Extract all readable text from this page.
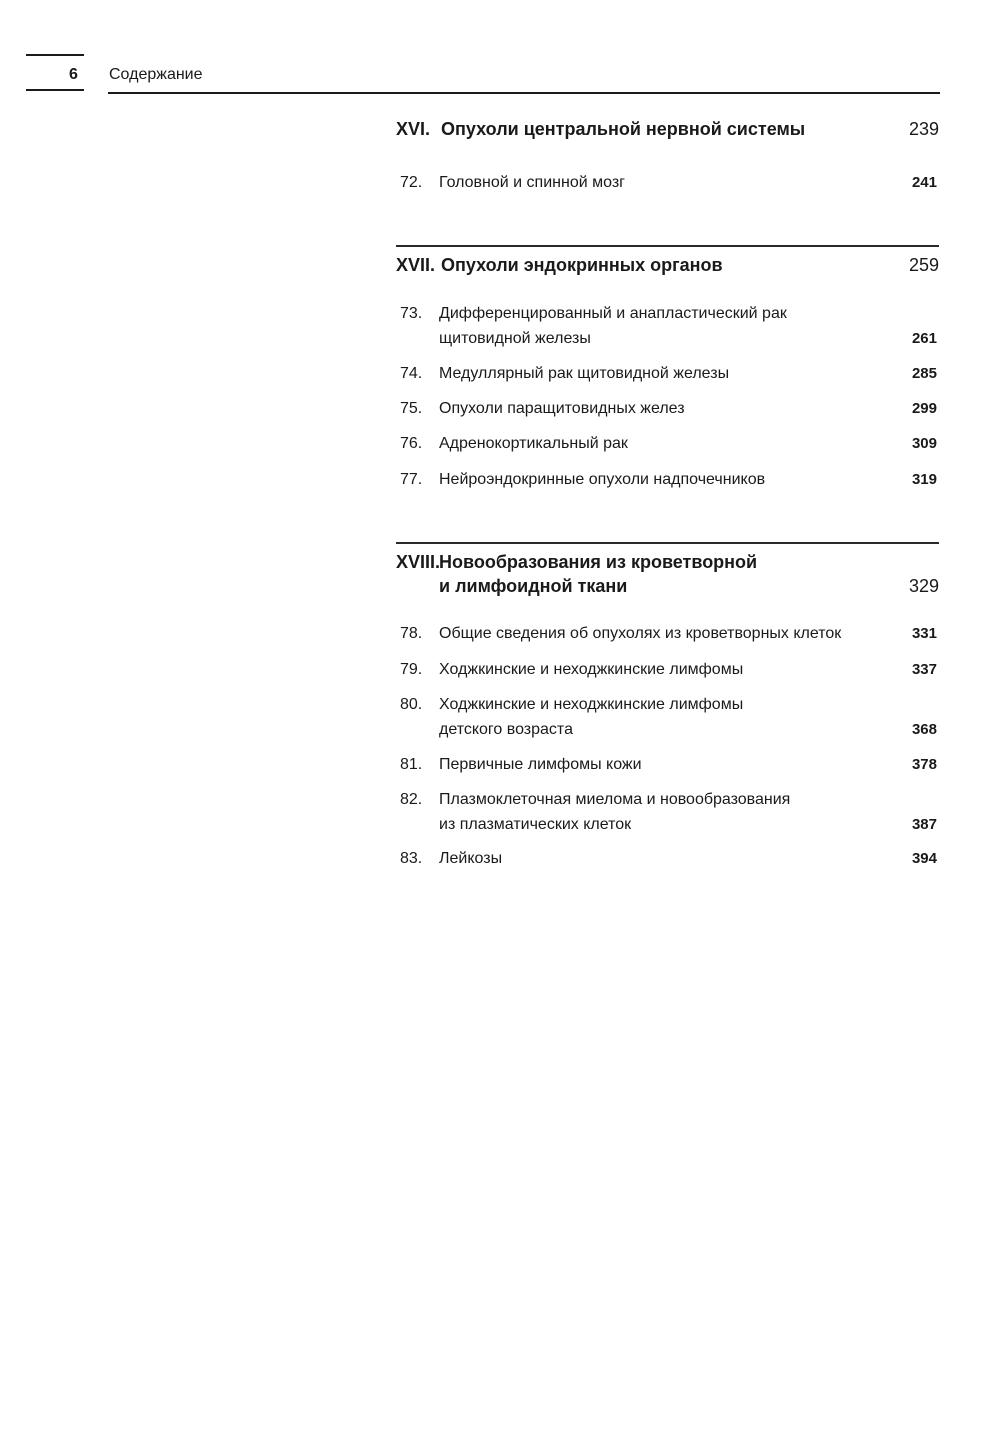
6 Содержание
XVI. Опухоли центральной нервной системы	239
72. Головной и спинной мозг	241
XVII. Опухоли эндокринных органов	259
73. Дифференцированный и анапластический рак
щитовидной железы	261
74. Медуллярный рак щитовидной железы	285
75. Опухоли паращитовидных желез	299
76. Адренокортикальный рак	309
77. Нейроэндокринные опухоли надпочечников	319
XVIII.
Новообразования из кроветворной
и лимфоидной ткани	329
78. Общие сведения об опухолях из кроветворных клеток	331
79. Ходжкинские и неходжкинские лимфомы	337
80. Ходжкинские и неходжкинские лимфомы
детского возраста	368
81. Первичные лимфомы кожи	378
82. Плазмоклеточная миелома и новообразования
из плазматических клеток	387
83. Лейкозы	394
